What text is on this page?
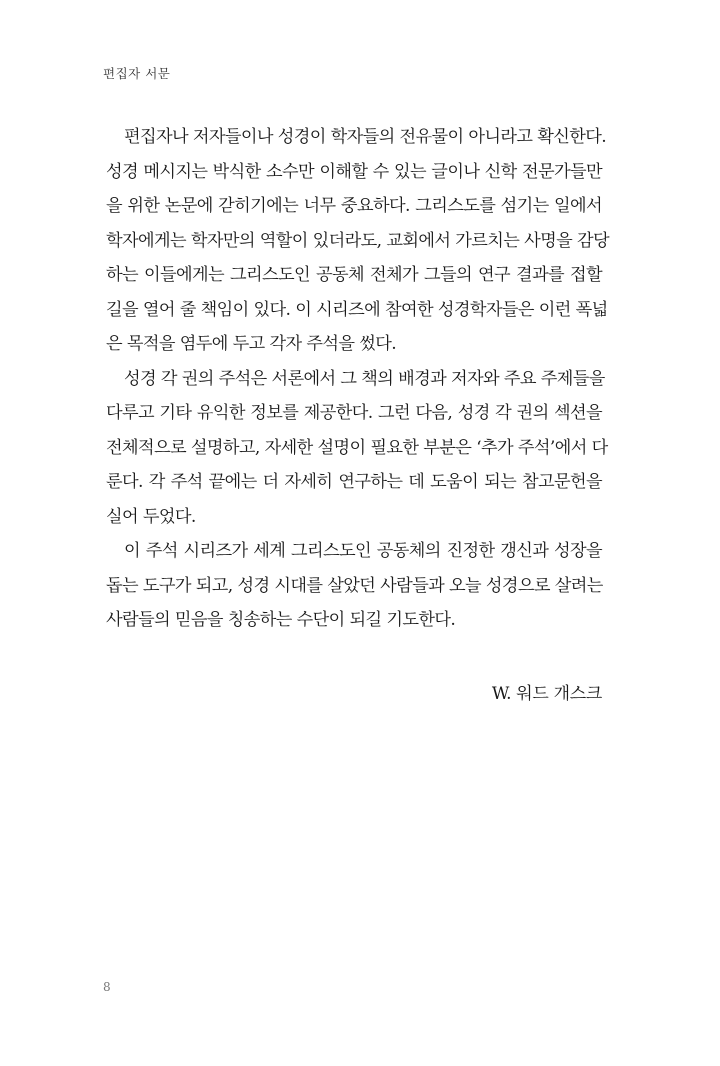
편집자 서문
편집자나 저자들이나 성경이 학자들의 전유물이 아니라고 확신한다.
성경 메시지는 박식한 소수만 이해할 수 있는 글이나 신학 전문가들만
을 위한 논문에 갇히기에는 너무 중요하다. 그리스도를 섬기는 일에서
학자에게는 학자만의 역할이 있더라도, 교회에서 가르치는 사명을 감당
하는 이들에게는 그리스도인 공동체 전체가 그들의 연구 결과를 접할
길을 열어 줄 책임이 있다. 이 시리즈에 참여한 성경학자들은 이런 폭넓
은 목적을 염두에 두고 각자 주석을 썼다.
성경 각 권의 주석은 서론에서 그 책의 배경과 저자와 주요 주제들을
다루고 기타 유익한 정보를 제공한다. 그런 다음, 성경 각 권의 섹션을
전체적으로 설명하고, 자세한 설명이 필요한 부분은 ‘추가 주석’에서 다
룬다. 각 주석 끝에는 더 자세히 연구하는 데 도움이 되는 참고문헌을
실어 두었다.
이 주석 시리즈가 세계 그리스도인 공동체의 진정한 갱신과 성장을
돕는 도구가 되고, 성경 시대를 살았던 사람들과 오늘 성경으로 살려는
사람들의 믿음을 칭송하는 수단이 되길 기도한다.
W. 워드 개스크
8
